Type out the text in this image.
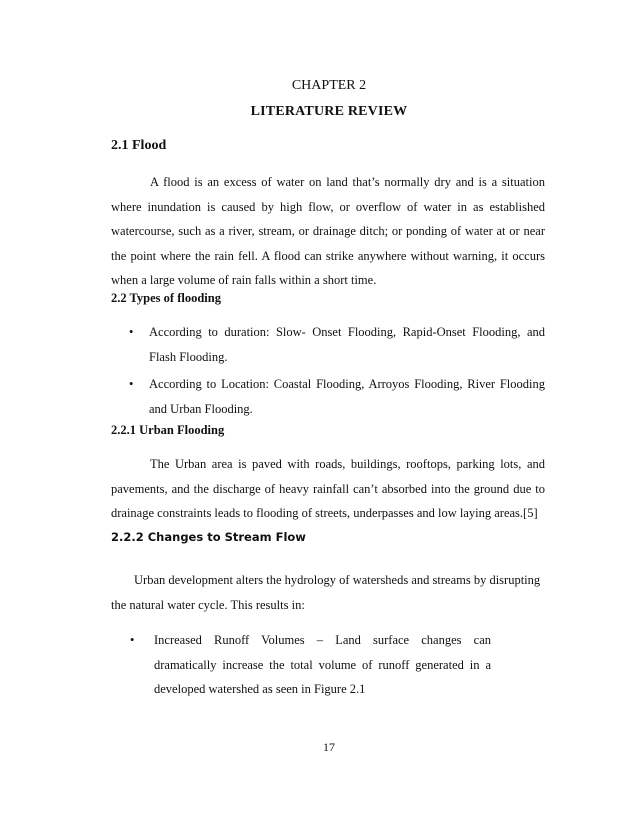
CHAPTER 2
LITERATURE REVIEW
2.1 Flood

A flood is an excess of water on land that’s normally dry and is a situation where inundation is caused by high flow, or overflow of water in as established watercourse, such as a river, stream, or drainage ditch; or ponding of water at or near the point where the rain fell. A flood can strike anywhere without warning, it occurs when a large volume of rain falls within a short time.

2.2 Types of flooding
• According to duration: Slow- Onset Flooding, Rapid-Onset Flooding, and Flash Flooding.
• According to Location: Coastal Flooding, Arroyos Flooding, River Flooding and Urban Flooding.
2.2.1 Urban Flooding

The Urban area is paved with roads, buildings, rooftops, parking lots, and pavements, and the discharge of heavy rainfall can’t absorbed into the ground due to drainage constraints leads to flooding of streets, underpasses and low laying areas.[5]

2.2.2 Changes to Stream Flow

Urban development alters the hydrology of watersheds and streams by disrupting the natural water cycle. This results in:

• Increased Runoff Volumes – Land surface changes can dramatically increase the total volume of runoff generated in a developed watershed as seen in Figure 2.1
17
